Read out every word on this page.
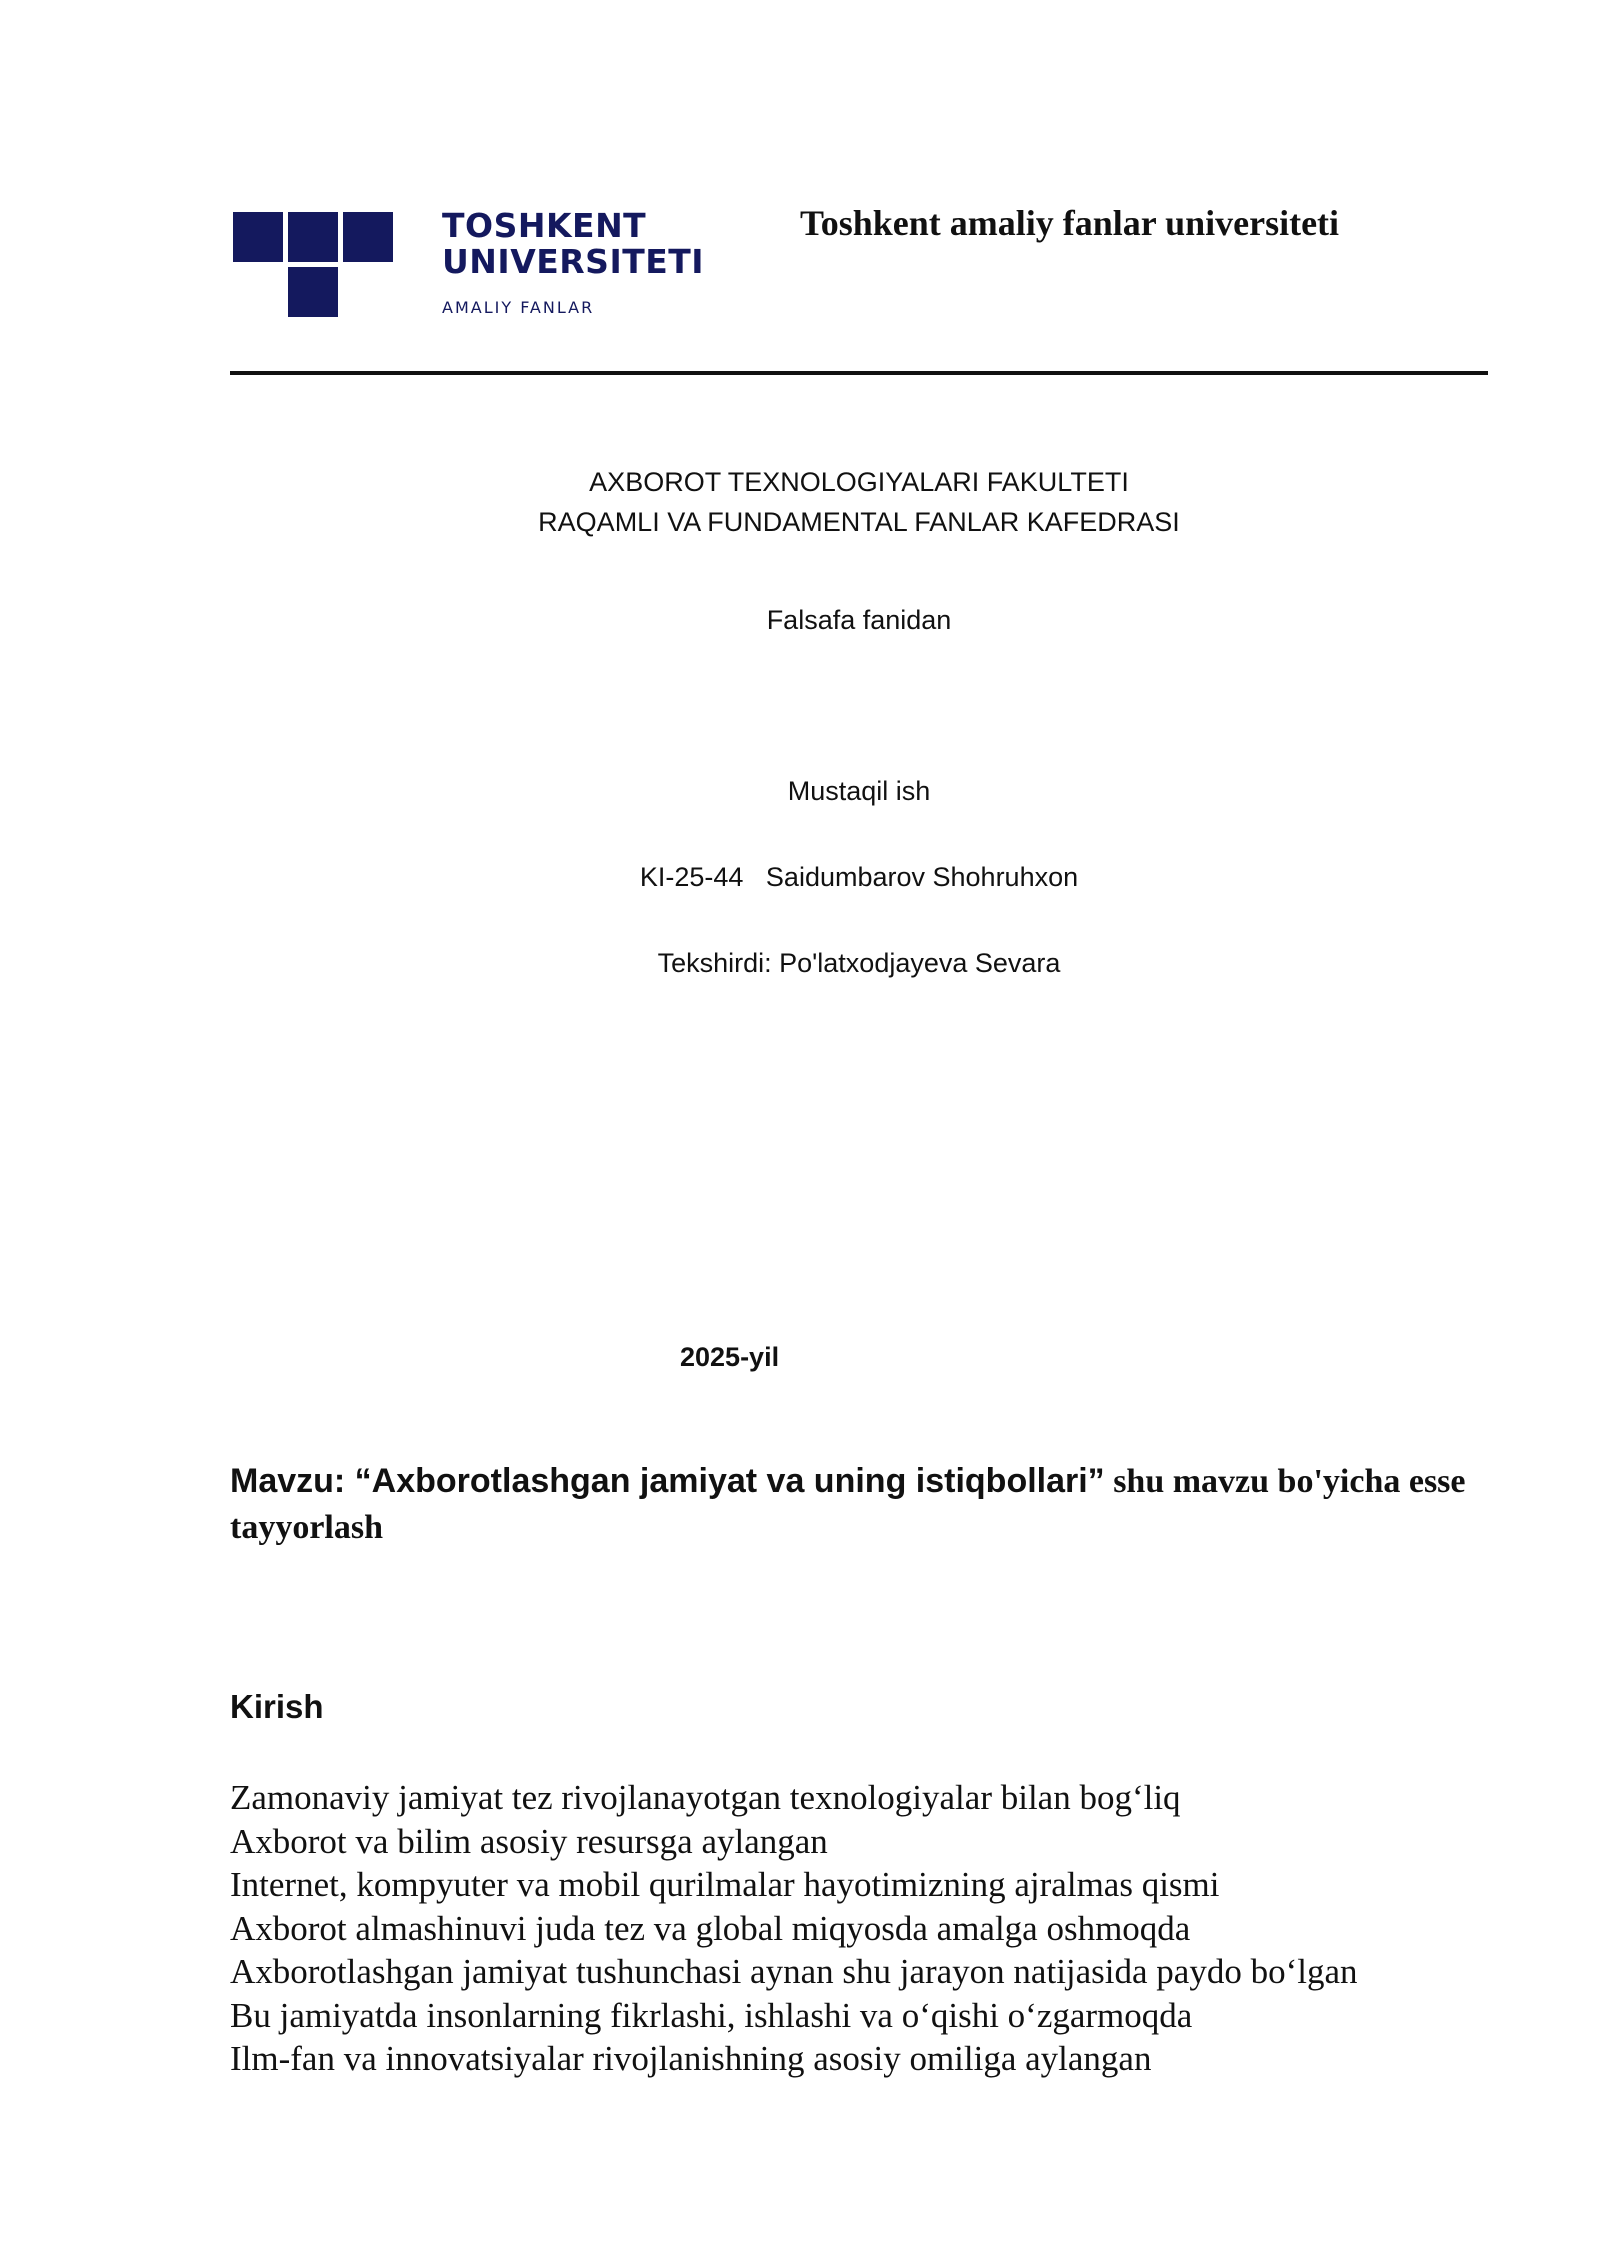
TOSHKENT
UNIVERSITETI
AMALIY FANLAR
Toshkent amaliy fanlar universiteti
AXBOROT TEXNOLOGIYALARI FAKULTETI
RAQAMLI VA FUNDAMENTAL FANLAR KAFEDRASI
Falsafa fanidan
Mustaqil ish
KI-25-44   Saidumbarov Shohruhxon
Tekshirdi: Po'latxodjayeva Sevara
2025-yil
Mavzu: “Axborotlashgan jamiyat va uning istiqbollari” shu mavzu bo'yicha esse tayyorlash
Kirish
Zamonaviy jamiyat tez rivojlanayotgan texnologiyalar bilan bog‘liq
Axborot va bilim asosiy resursga aylangan
Internet, kompyuter va mobil qurilmalar hayotimizning ajralmas qismi
Axborot almashinuvi juda tez va global miqyosda amalga oshmoqda
Axborotlashgan jamiyat tushunchasi aynan shu jarayon natijasida paydo bo‘lgan
Bu jamiyatda insonlarning fikrlashi, ishlashi va o‘qishi o‘zgarmoqda
Ilm-fan va innovatsiyalar rivojlanishning asosiy omiliga aylangan
